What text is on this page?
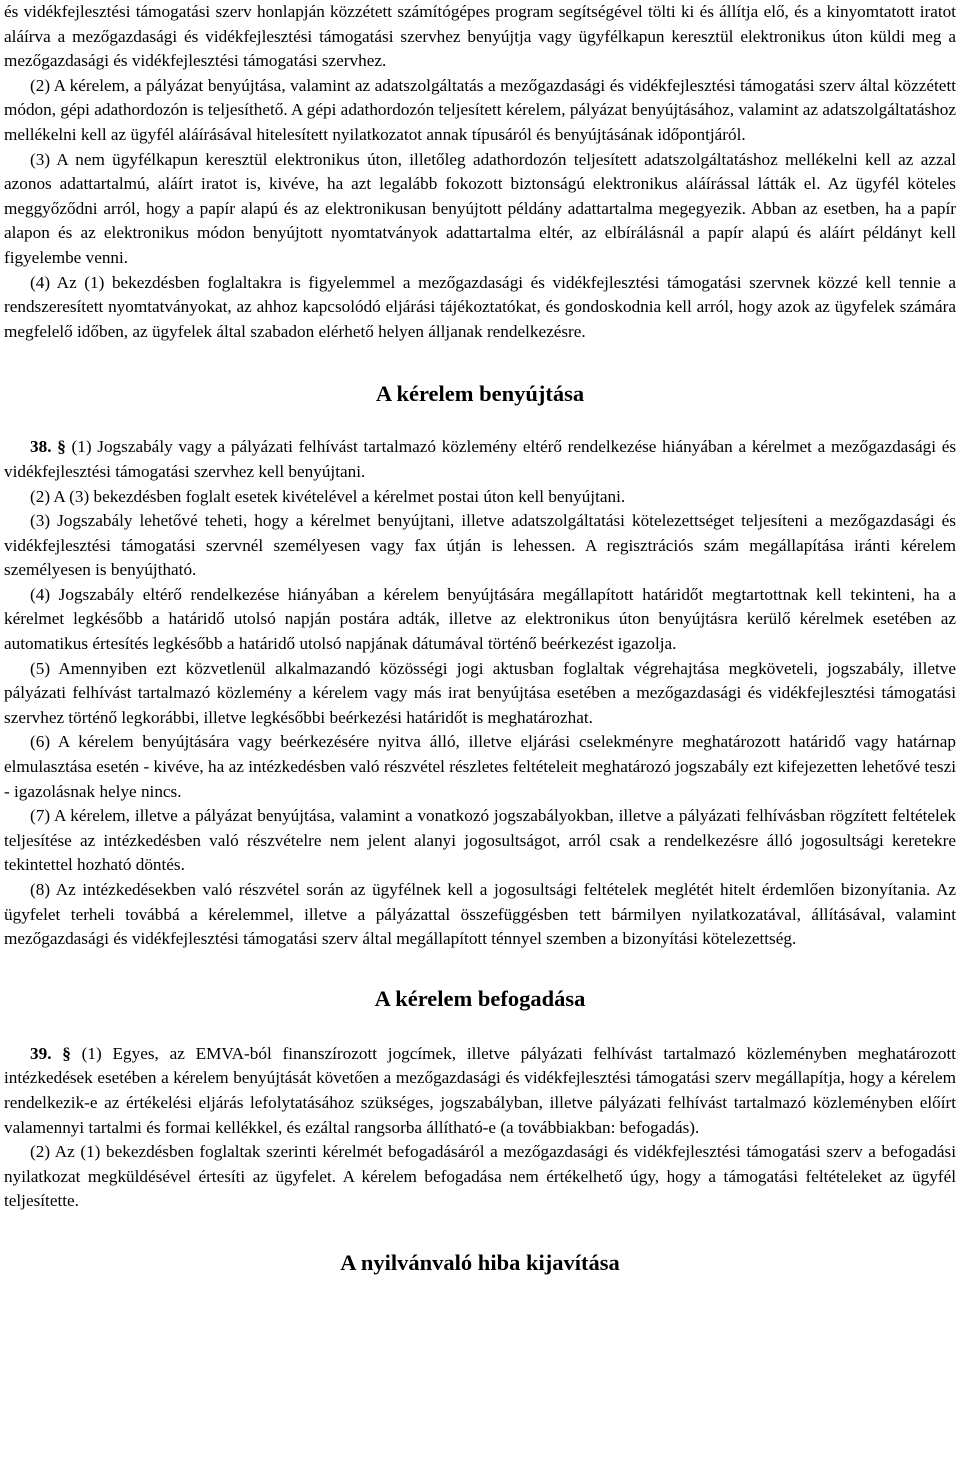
és vidékfejlesztési támogatási szerv honlapján közzétett számítógépes program segítségével tölti ki és állítja elő, és a kinyomtatott iratot aláírva a mezőgazdasági és vidékfejlesztési támogatási szervhez benyújtja vagy ügyfélkapun keresztül elektronikus úton küldi meg a mezőgazdasági és vidékfejlesztési támogatási szervhez.

(2) A kérelem, a pályázat benyújtása, valamint az adatszolgáltatás a mezőgazdasági és vidékfejlesztési támogatási szerv által közzétett módon, gépi adathordozón is teljesíthető. A gépi adathordozón teljesített kérelem, pályázat benyújtásához, valamint az adatszolgáltatáshoz mellékelni kell az ügyfél aláírásával hitelesített nyilatkozatot annak típusáról és benyújtásának időpontjáról.

(3) A nem ügyfélkapun keresztül elektronikus úton, illetőleg adathordozón teljesített adatszolgáltatáshoz mellékelni kell az azzal azonos adattartalmú, aláírt iratot is, kivéve, ha azt legalább fokozott biztonságú elektronikus aláírással látták el. Az ügyfél köteles meggyőződni arról, hogy a papír alapú és az elektronikusan benyújtott példány adattartalma megegyezik. Abban az esetben, ha a papír alapon és az elektronikus módon benyújtott nyomtatványok adattartalma eltér, az elbírálásnál a papír alapú és aláírt példányt kell figyelembe venni.

(4) Az (1) bekezdésben foglaltakra is figyelemmel a mezőgazdasági és vidékfejlesztési támogatási szervnek közzé kell tennie a rendszeresített nyomtatványokat, az ahhoz kapcsolódó eljárási tájékoztatókat, és gondoskodnia kell arról, hogy azok az ügyfelek számára megfelelő időben, az ügyfelek által szabadon elérhető helyen álljanak rendelkezésre.

A kérelem benyújtása

38. § (1) Jogszabály vagy a pályázati felhívást tartalmazó közlemény eltérő rendelkezése hiányában a kérelmet a mezőgazdasági és vidékfejlesztési támogatási szervhez kell benyújtani.

(2) A (3) bekezdésben foglalt esetek kivételével a kérelmet postai úton kell benyújtani.

(3) Jogszabály lehetővé teheti, hogy a kérelmet benyújtani, illetve adatszolgáltatási kötelezettséget teljesíteni a mezőgazdasági és vidékfejlesztési támogatási szervnél személyesen vagy fax útján is lehessen. A regisztrációs szám megállapítása iránti kérelem személyesen is benyújtható.

(4) Jogszabály eltérő rendelkezése hiányában a kérelem benyújtására megállapított határidőt megtartottnak kell tekinteni, ha a kérelmet legkésőbb a határidő utolsó napján postára adták, illetve az elektronikus úton benyújtásra kerülő kérelmek esetében az automatikus értesítés legkésőbb a határidő utolsó napjának dátumával történő beérkezést igazolja.

(5) Amennyiben ezt közvetlenül alkalmazandó közösségi jogi aktusban foglaltak végrehajtása megköveteli, jogszabály, illetve pályázati felhívást tartalmazó közlemény a kérelem vagy más irat benyújtása esetében a mezőgazdasági és vidékfejlesztési támogatási szervhez történő legkorábbi, illetve legkésőbbi beérkezési határidőt is meghatározhat.

(6) A kérelem benyújtására vagy beérkezésére nyitva álló, illetve eljárási cselekményre meghatározott határidő vagy határnap elmulasztása esetén - kivéve, ha az intézkedésben való részvétel részletes feltételeit meghatározó jogszabály ezt kifejezetten lehetővé teszi - igazolásnak helye nincs.

(7) A kérelem, illetve a pályázat benyújtása, valamint a vonatkozó jogszabályokban, illetve a pályázati felhívásban rögzített feltételek teljesítése az intézkedésben való részvételre nem jelent alanyi jogosultságot, arról csak a rendelkezésre álló jogosultsági keretekre tekintettel hozható döntés.

(8) Az intézkedésekben való részvétel során az ügyfélnek kell a jogosultsági feltételek meglétét hitelt érdemlően bizonyítania. Az ügyfelet terheli továbbá a kérelemmel, illetve a pályázattal összefüggésben tett bármilyen nyilatkozatával, állításával, valamint mezőgazdasági és vidékfejlesztési támogatási szerv által megállapított ténnyel szemben a bizonyítási kötelezettség.

A kérelem befogadása

39. § (1) Egyes, az EMVA-ból finanszírozott jogcímek, illetve pályázati felhívást tartalmazó közleményben meghatározott intézkedések esetében a kérelem benyújtását követően a mezőgazdasági és vidékfejlesztési támogatási szerv megállapítja, hogy a kérelem rendelkezik-e az értékelési eljárás lefolytatásához szükséges, jogszabályban, illetve pályázati felhívást tartalmazó közleményben előírt valamennyi tartalmi és formai kellékkel, és ezáltal rangsorba állítható-e (a továbbiakban: befogadás).

(2) Az (1) bekezdésben foglaltak szerinti kérelmét befogadásáról a mezőgazdasági és vidékfejlesztési támogatási szerv a befogadási nyilatkozat megküldésével értesíti az ügyfelet. A kérelem befogadása nem értékelhető úgy, hogy a támogatási feltételeket az ügyfél teljesítette.

A nyilvánvaló hiba kijavítása
